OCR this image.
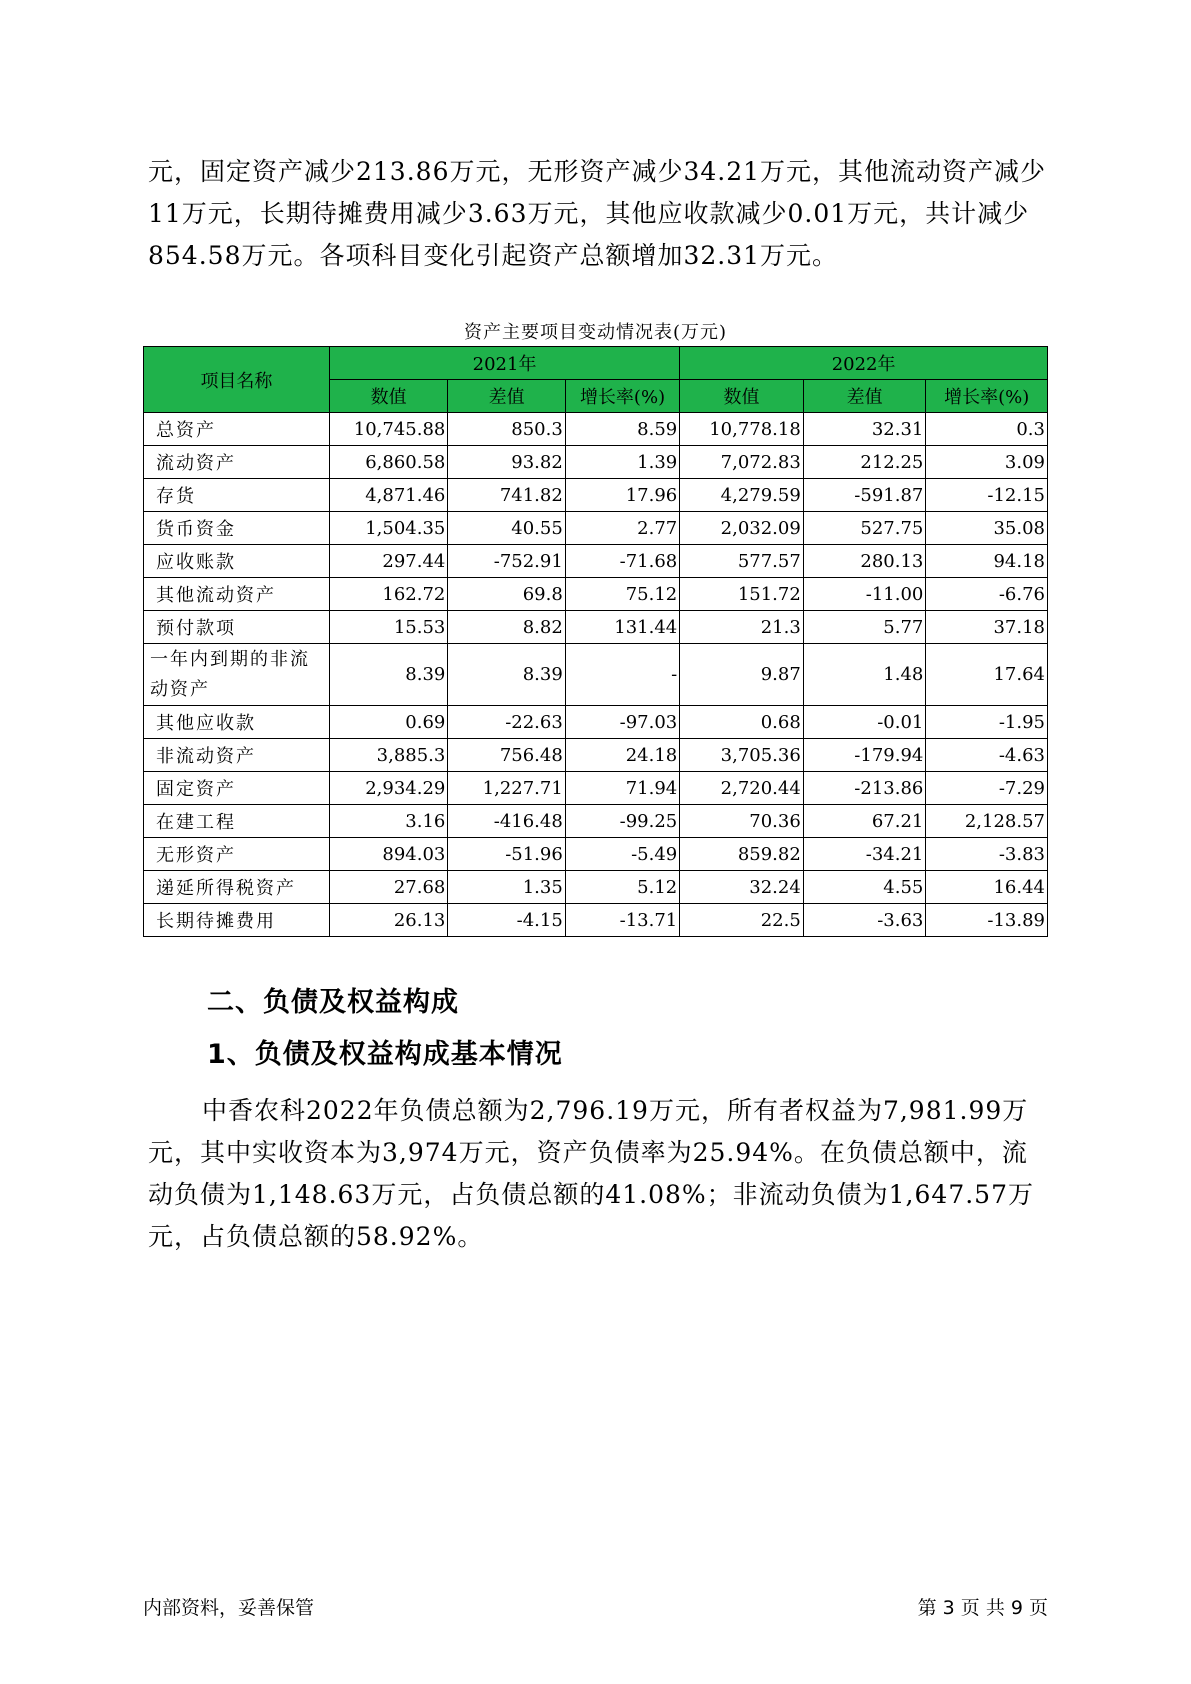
元，固定资产减少213.86万元，无形资产减少34.21万元，其他流动资产减少11万元，长期待摊费用减少3.63万元，其他应收款减少0.01万元，共计减少854.58万元。各项科目变化引起资产总额增加32.31万元。

资产主要项目变动情况表(万元)
项目名称	2021年			2022年		
	数值	差值	增长率(%)	数值	差值	增长率(%)
总资产	10,745.88	850.3	8.59	10,778.18	32.31	0.3
流动资产	6,860.58	93.82	1.39	7,072.83	212.25	3.09
存货	4,871.46	741.82	17.96	4,279.59	-591.87	-12.15
货币资金	1,504.35	40.55	2.77	2,032.09	527.75	35.08
应收账款	297.44	-752.91	-71.68	577.57	280.13	94.18
其他流动资产	162.72	69.8	75.12	151.72	-11.00	-6.76
预付款项	15.53	8.82	131.44	21.3	5.77	37.18
一年内到期的非流动资产	8.39	8.39	-	9.87	1.48	17.64
其他应收款	0.69	-22.63	-97.03	0.68	-0.01	-1.95
非流动资产	3,885.3	756.48	24.18	3,705.36	-179.94	-4.63
固定资产	2,934.29	1,227.71	71.94	2,720.44	-213.86	-7.29
在建工程	3.16	-416.48	-99.25	70.36	67.21	2,128.57
无形资产	894.03	-51.96	-5.49	859.82	-34.21	-3.83
递延所得税资产	27.68	1.35	5.12	32.24	4.55	16.44
长期待摊费用	26.13	-4.15	-13.71	22.5	-3.63	-13.89
二、负债及权益构成
1、负债及权益构成基本情况

中香农科2022年负债总额为2,796.19万元，所有者权益为7,981.99万元，其中实收资本为3,974万元，资产负债率为25.94%。在负债总额中，流动负债为1,148.63万元，占负债总额的41.08%；非流动负债为1,647.57万元，占负债总额的58.92%。

内部资料，妥善保管	第 3 页 共 9 页
